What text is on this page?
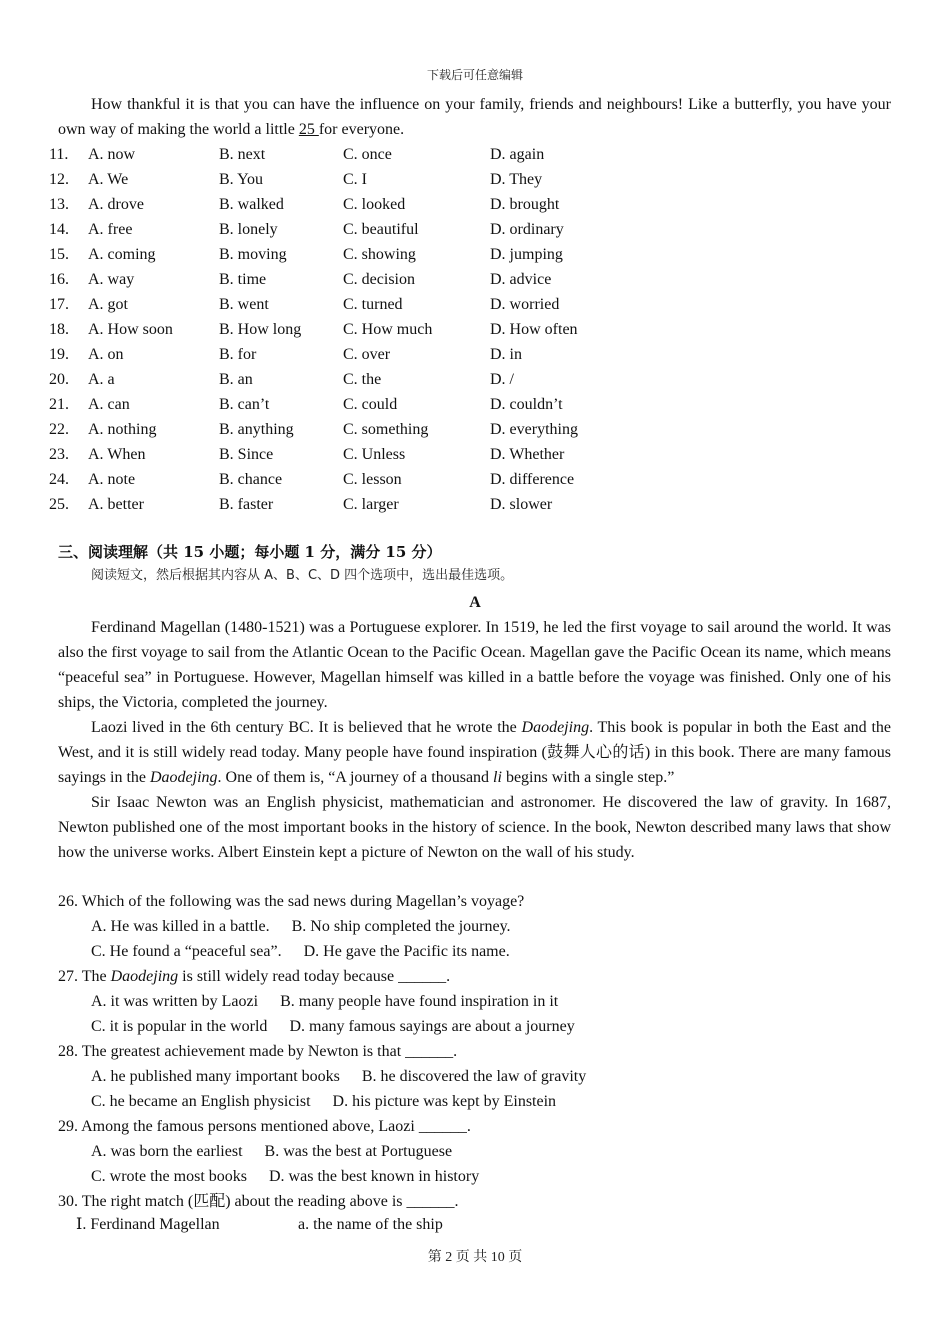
下载后可任意编辑

How thankful it is that you can have the influence on your family, friends and neighbours! Like a butterfly, you have your own way of making the world a little 25 for everyone.

11. A. now	B. next	C. once	D. again
12. A. We	B. You	C. I	D. They
13. A. drove	B. walked	C. looked	D. brought
14. A. free	B. lonely	C. beautiful	D. ordinary
15. A. coming	B. moving	C. showing	D. jumping
16. A. way	B. time	C. decision	D. advice
17. A. got	B. went	C. turned	D. worried
18. A. How soon	B. How long	C. How much	D. How often
19. A. on	B. for	C. over	D. in
20. A. a	B. an	C. the	D. /
21. A. can	B. can’t	C. could	D. couldn’t
22. A. nothing	B. anything	C. something	D. everything
23. A. When	B. Since	C. Unless	D. Whether
24. A. note	B. chance	C. lesson	D. difference
25. A. better	B. faster	C. larger	D. slower
三、阅读理解（共 15 小题；每小题 1 分，满分 15 分）
阅读短文，然后根据其内容从 A、B、C、D 四个选项中，选出最佳选项。
A

Ferdinand Magellan (1480-1521) was a Portuguese explorer. In 1519, he led the first voyage to sail around the world. It was also the first voyage to sail from the Atlantic Ocean to the Pacific Ocean. Magellan gave the Pacific Ocean its name, which means “peaceful sea” in Portuguese. However, Magellan himself was killed in a battle before the voyage was finished. Only one of his ships, the Victoria, completed the journey.

Laozi lived in the 6th century BC. It is believed that he wrote the Daodejing. This book is popular in both the East and the West, and it is still widely read today. Many people have found inspiration (鼓舞人心的话) in this book. There are many famous sayings in the Daodejing. One of them is, “A journey of a thousand li begins with a single step.”

Sir Isaac Newton was an English physicist, mathematician and astronomer. He discovered the law of gravity. In 1687, Newton published one of the most important books in the history of science. In the book, Newton described many laws that show how the universe works. Albert Einstein kept a picture of Newton on the wall of his study.

26. Which of the following was the sad news during Magellan’s voyage?
A. He was killed in a battle. B. No ship completed the journey.
C. He found a “peaceful sea”. D. He gave the Pacific its name.
27. The Daodejing is still widely read today because ______.
A. it was written by Laozi B. many people have found inspiration in it
C. it is popular in the world D. many famous sayings are about a journey
28. The greatest achievement made by Newton is that ______.
A. he published many important books B. he discovered the law of gravity
C. he became an English physicist D. his picture was kept by Einstein
29. Among the famous persons mentioned above, Laozi ______.
A. was born the earliest B. was the best at Portuguese
C. wrote the most books D. was the best known in history
30. The right match (匹配) about the reading above is ______.
Ⅰ. Ferdinand Magellan	a. the name of the ship
第 2 页 共 10 页
